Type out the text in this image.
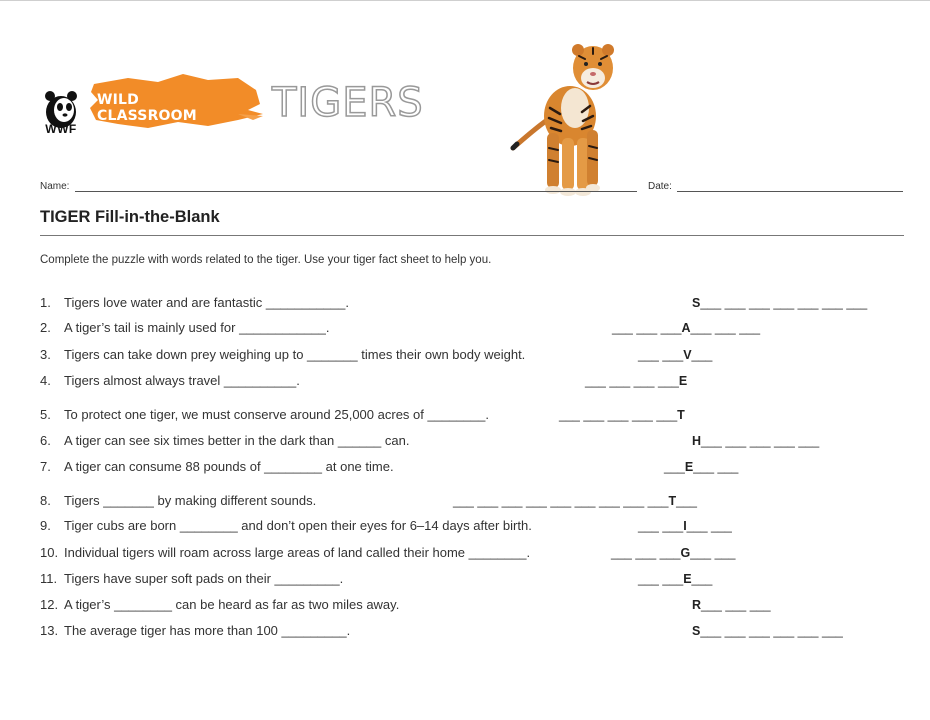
WWF
WILD CLASSROOM	TIGERS
Name:	Date:
TIGER Fill-in-the-Blank
Complete the puzzle with words related to the tiger. Use your tiger fact sheet to help you.
1. Tigers love water and are fantastic ___________.	S___ ___ ___ ___ ___ ___ ___
2. A tiger’s tail is mainly used for ____________.	___ ___ ___A___ ___ ___
3. Tigers can take down prey weighing up to _______ times their own body weight.	___ ___V___
4. Tigers almost always travel __________.	___ ___ ___ ___E
5. To protect one tiger, we must conserve around 25,000 acres of ________.	___ ___ ___ ___ ___T
6. A tiger can see six times better in the dark than ______ can.	H___ ___ ___ ___ ___
7. A tiger can consume 88 pounds of ________ at one time.	___E___ ___
8. Tigers _______ by making different sounds.	___ ___ ___ ___ ___ ___ ___ ___ ___T___
9. Tiger cubs are born ________ and don’t open their eyes for 6–14 days after birth.	___ ___I___ ___
10. Individual tigers will roam across large areas of land called their home ________.	___ ___ ___G___ ___
11. Tigers have super soft pads on their _________.	___ ___E___
12. A tiger’s ________ can be heard as far as two miles away.	R___ ___ ___
13. The average tiger has more than 100 _________.	S___ ___ ___ ___ ___ ___
